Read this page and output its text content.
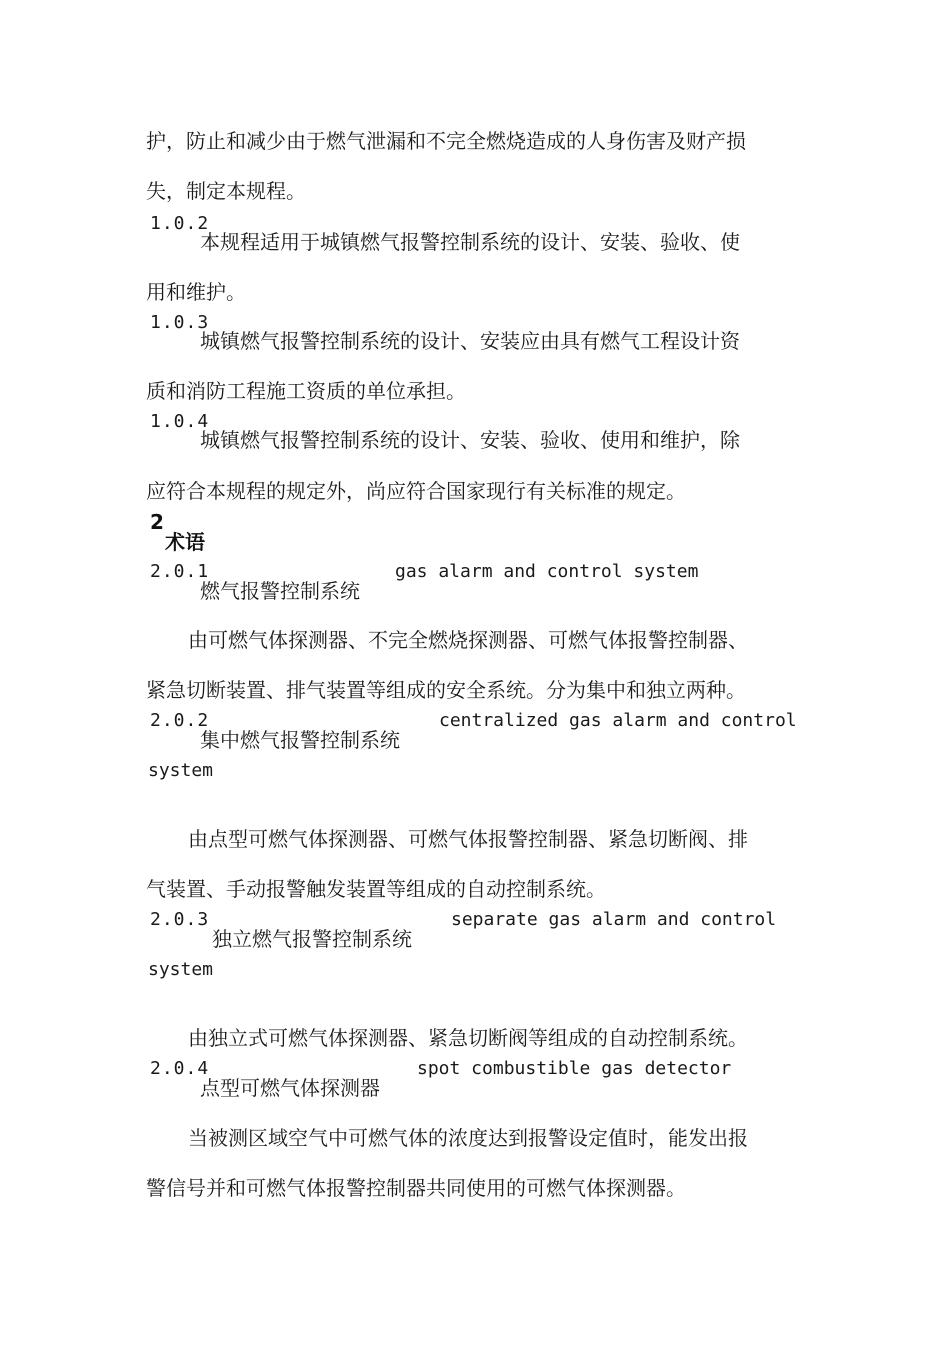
护，防止和减少由于燃气泄漏和不完全燃烧造成的人身伤害及财产损
失，制定本规程。
1.0.2
本规程适用于城镇燃气报警控制系统的设计、安装、验收、使
用和维护。
1.0.3
城镇燃气报警控制系统的设计、安装应由具有燃气工程设计资
质和消防工程施工资质的单位承担。
1.0.4
城镇燃气报警控制系统的设计、安装、验收、使用和维护，除
应符合本规程的规定外，尚应符合国家现行有关标准的规定。
2
术语
2.0.1	gas alarm and control system
燃气报警控制系统
由可燃气体探测器、不完全燃烧探测器、可燃气体报警控制器、
紧急切断装置、排气装置等组成的安全系统。分为集中和独立两种。
2.0.2	centralized gas alarm and control
集中燃气报警控制系统
system
由点型可燃气体探测器、可燃气体报警控制器、紧急切断阀、排
气装置、手动报警触发装置等组成的自动控制系统。
2.0.3	separate gas alarm and control
独立燃气报警控制系统
system
由独立式可燃气体探测器、紧急切断阀等组成的自动控制系统。
2.0.4	spot combustible gas detector
点型可燃气体探测器
当被测区域空气中可燃气体的浓度达到报警设定值时，能发出报
警信号并和可燃气体报警控制器共同使用的可燃气体探测器。
